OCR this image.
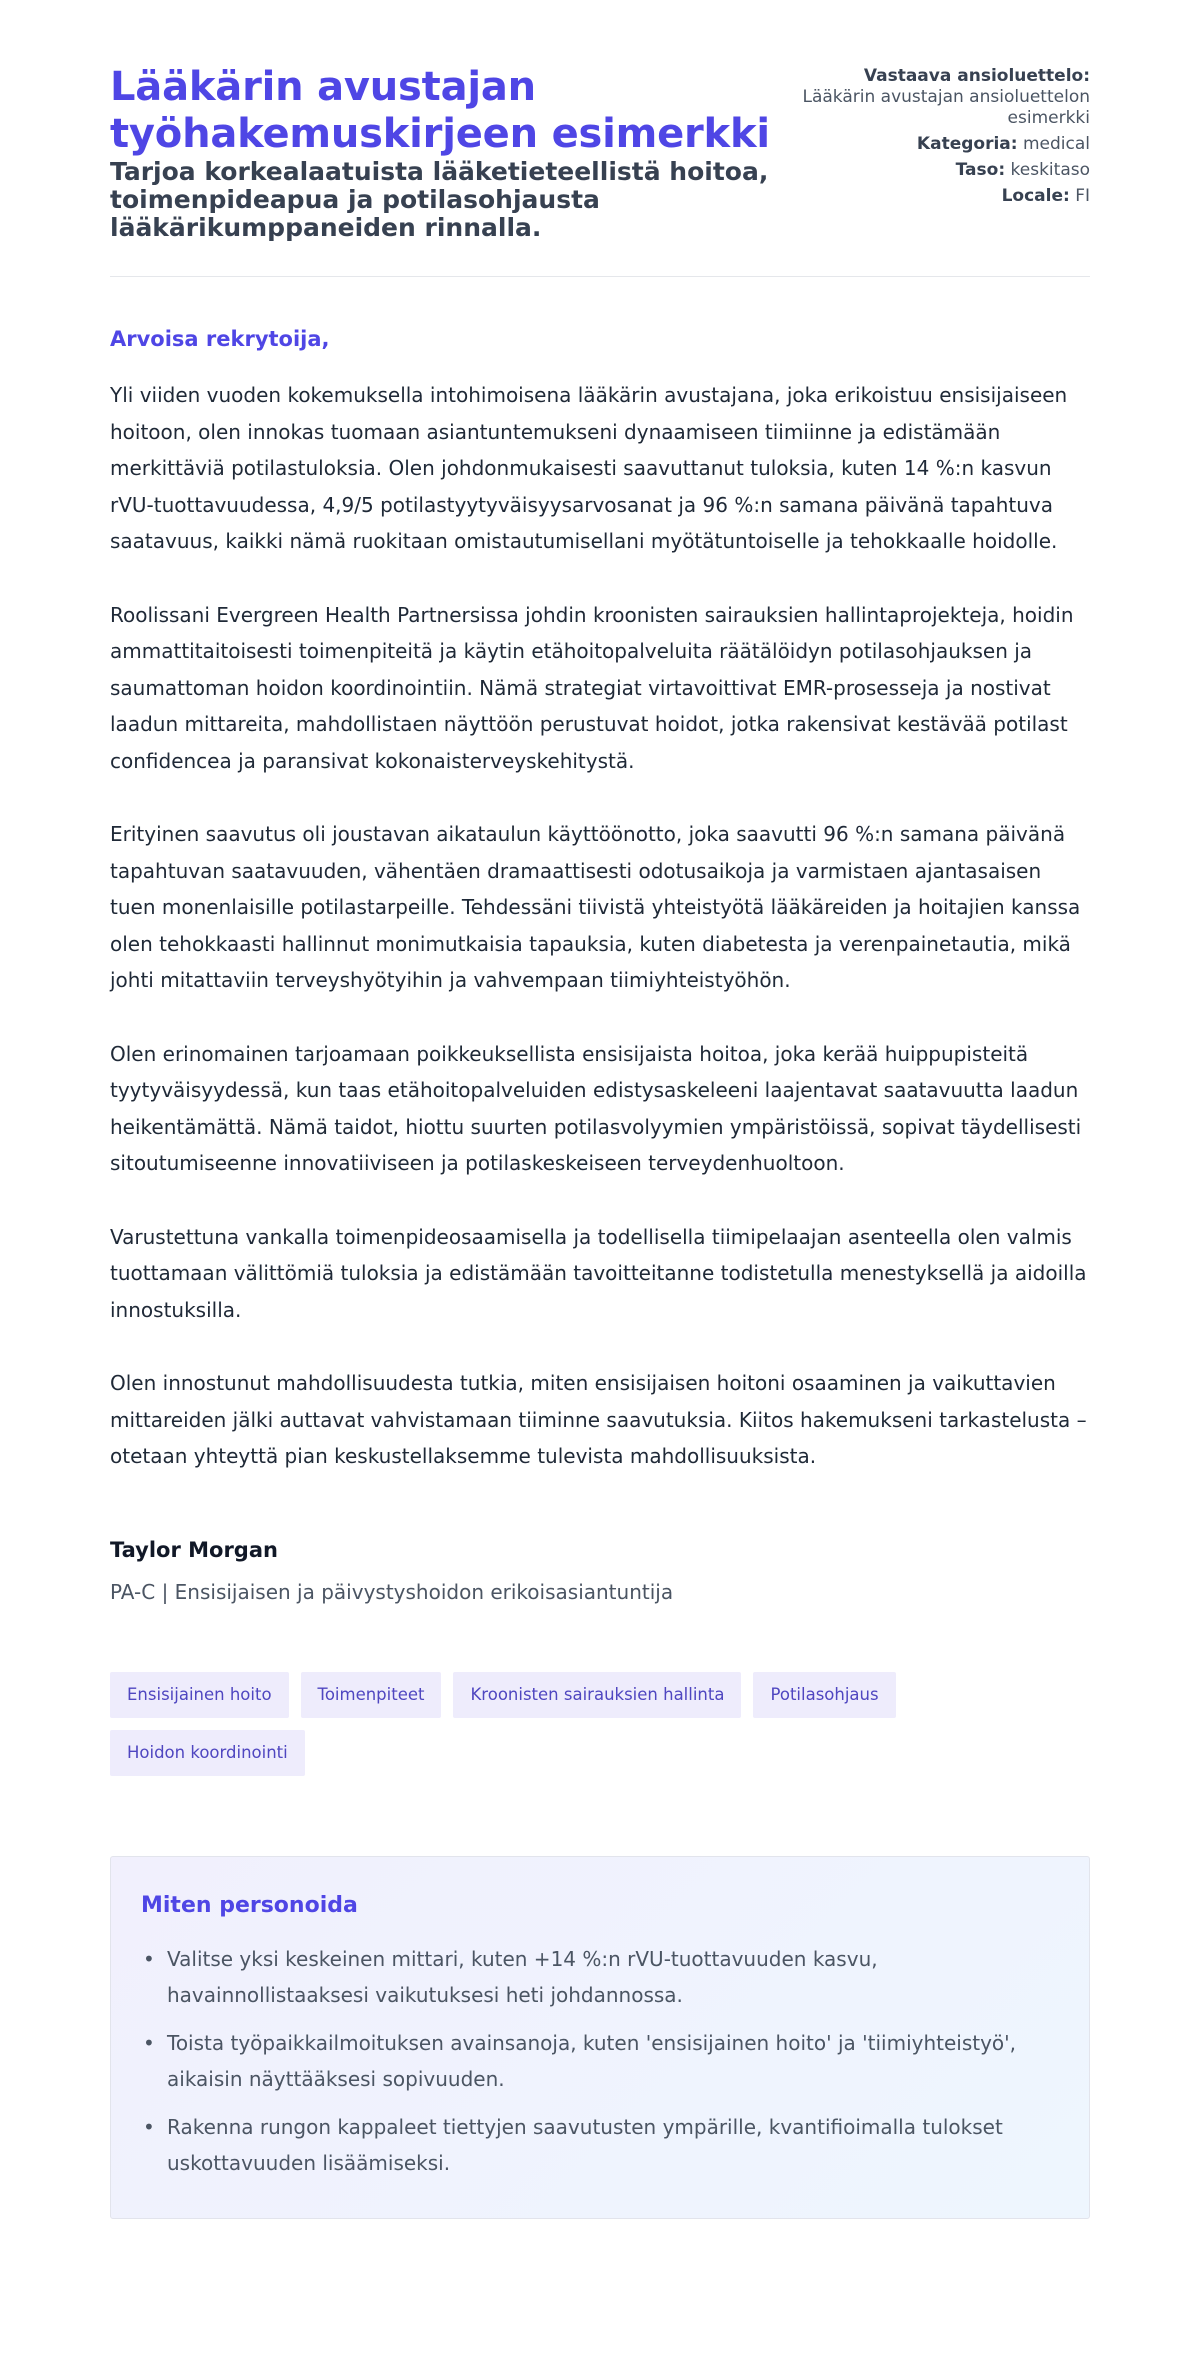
Lääkärin avustajan työhakemuskirjeen esimerkki
Tarjoa korkealaatuista lääketieteellistä hoitoa, toimenpideapua ja potilasohjausta lääkärikumppaneiden rinnalla.
Vastaava ansioluettelo:
Lääkärin avustajan ansioluettelon esimerkki
Kategoria: medical
Taso: keskitaso
Locale: FI

Arvoisa rekrytoija,

Yli viiden vuoden kokemuksella intohimoisena lääkärin avustajana, joka erikoistuu ensisijaiseen hoitoon, olen innokas tuomaan asiantuntemukseni dynaamiseen tiimiinne ja edistämään merkittäviä potilastuloksia. Olen johdonmukaisesti saavuttanut tuloksia, kuten 14 %:n kasvun rVU-tuottavuudessa, 4,9/5 potilastyytyväisyysarvosanat ja 96 %:n samana päivänä tapahtuva saatavuus, kaikki nämä ruokitaan omistautumisellani myötätuntoiselle ja tehokkaalle hoidolle.

Roolissani Evergreen Health Partnersissa johdin kroonisten sairauksien hallintaprojekteja, hoidin ammattitaitoisesti toimenpiteitä ja käytin etähoitopalveluita räätälöidyn potilasohjauksen ja saumattoman hoidon koordinointiin. Nämä strategiat virtavoittivat EMR-prosesseja ja nostivat laadun mittareita, mahdollistaen näyttöön perustuvat hoidot, jotka rakensivat kestävää potilast confidencea ja paransivat kokonaisterveyskehitystä.

Erityinen saavutus oli joustavan aikataulun käyttöönotto, joka saavutti 96 %:n samana päivänä tapahtuvan saatavuuden, vähentäen dramaattisesti odotusaikoja ja varmistaen ajantasaisen tuen monenlaisille potilastarpeille. Tehdessäni tiivistä yhteistyötä lääkäreiden ja hoitajien kanssa olen tehokkaasti hallinnut monimutkaisia tapauksia, kuten diabetesta ja verenpainetautia, mikä johti mitattaviin terveyshyötyihin ja vahvempaan tiimiyhteistyöhön.

Olen erinomainen tarjoamaan poikkeuksellista ensisijaista hoitoa, joka kerää huippupisteitä tyytyväisyydessä, kun taas etähoitopalveluiden edistysaskeleeni laajentavat saatavuutta laadun heikentämättä. Nämä taidot, hiottu suurten potilasvolyymien ympäristöissä, sopivat täydellisesti sitoutumiseenne innovatiiviseen ja potilaskeskeiseen terveydenhuoltoon.

Varustettuna vankalla toimenpideosaamisella ja todellisella tiimipelaajan asenteella olen valmis tuottamaan välittömiä tuloksia ja edistämään tavoitteitanne todistetulla menestyksellä ja aidoilla innostuksilla.

Olen innostunut mahdollisuudesta tutkia, miten ensisijaisen hoitoni osaaminen ja vaikuttavien mittareiden jälki auttavat vahvistamaan tiiminne saavutuksia. Kiitos hakemukseni tarkastelusta – otetaan yhteyttä pian keskustellaksemme tulevista mahdollisuuksista.

Taylor Morgan
PA-C | Ensisijaisen ja päivystyshoidon erikoisasiantuntija
Ensisijainen hoito	Toimenpiteet	Kroonisten sairauksien hallinta	Potilasohjaus
Hoidon koordinointi
Miten personoida
• Valitse yksi keskeinen mittari, kuten +14 %:n rVU-tuottavuuden kasvu, havainnollistaaksesi vaikutuksesi heti johdannossa.
• Toista työpaikkailmoituksen avainsanoja, kuten 'ensisijainen hoito' ja 'tiimiyhteistyö', aikaisin näyttääksesi sopivuuden.
• Rakenna rungon kappaleet tiettyjen saavutusten ympärille, kvantifioimalla tulokset uskottavuuden lisäämiseksi.
